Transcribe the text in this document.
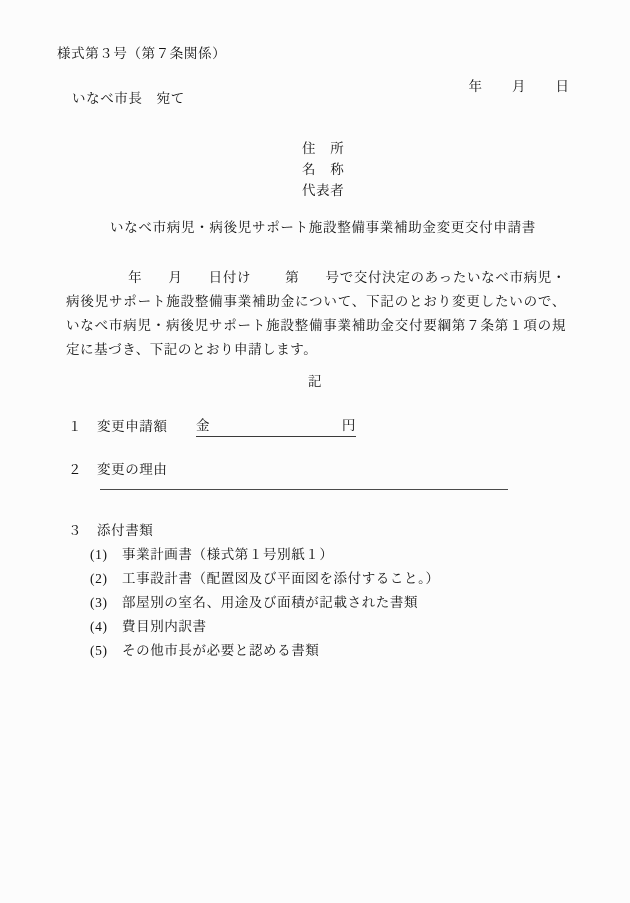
様式第３号（第７条関係）

年 月 日

いなべ市長　宛て
住　所
名　称
代表者
いなべ市病児・病後児サポート施設整備事業補助金変更交付申請書
年 月 日付け	第 号で交付決定のあったいなべ市病児・病後児サポート施設整備事業補助金について、下記のとおり変更したいので、いなべ市病児・病後児サポート施設整備事業補助金交付要綱第７条第１項の規定に基づき、下記のとおり申請します。
記
１ 変更申請額 金	円
２ 変更の理由
３ 添付書類
(1)	事業計画書（様式第１号別紙１）
(2)	工事設計書（配置図及び平面図を添付すること。）
(3)	部屋別の室名、用途及び面積が記載された書類
(4)	費目別内訳書
(5)	その他市長が必要と認める書類
